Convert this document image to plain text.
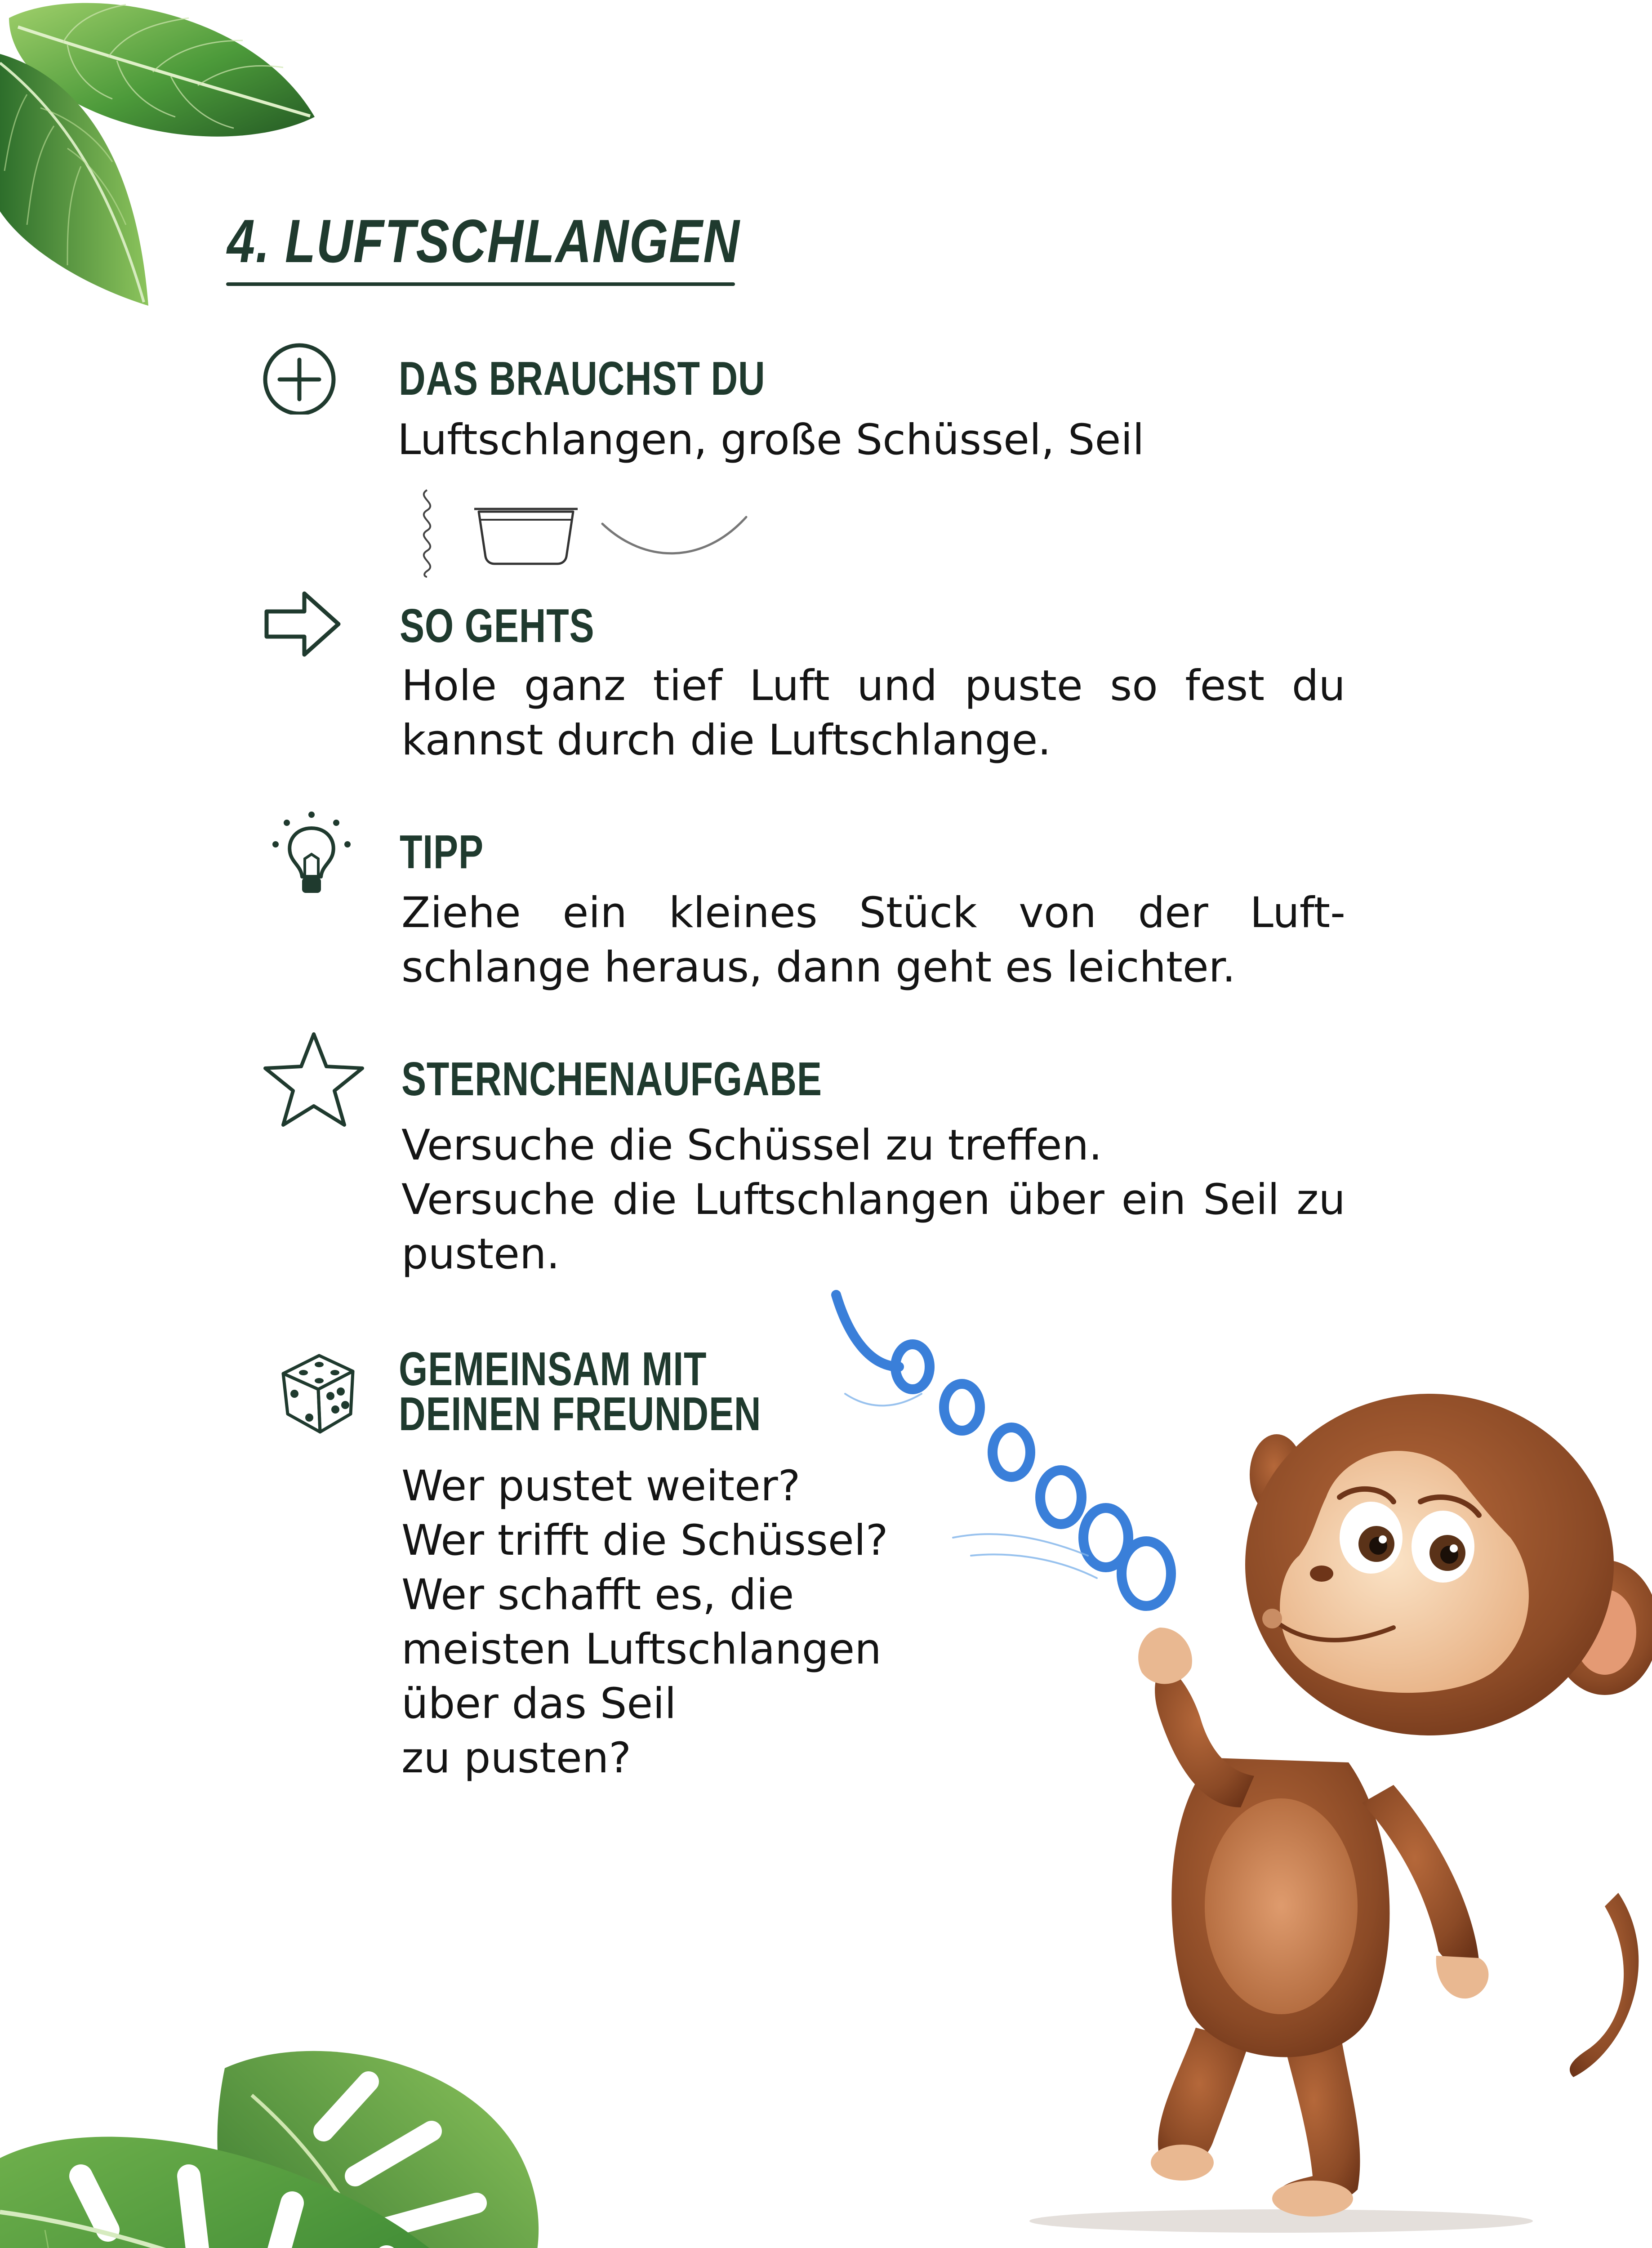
4. LUFTSCHLANGEN
DAS BRAUCHST DU
Luftschlangen, große Schüssel, Seil
SO GEHTS
Hole ganz tief Luft und puste so fest du kannst durch die Luftschlange.
TIPP
Ziehe ein kleines Stück von der Luft-schlange heraus, dann geht es leichter.
STERNCHENAUFGABE
Versuche die Schüssel zu treffen.
Versuche die Luftschlangen über ein Seil zu pusten.
GEMEINSAM MIT
DEINEN FREUNDEN
Wer pustet weiter?
Wer trifft die Schüssel?
Wer schafft es, die
meisten Luftschlangen
über das Seil
zu pusten?
